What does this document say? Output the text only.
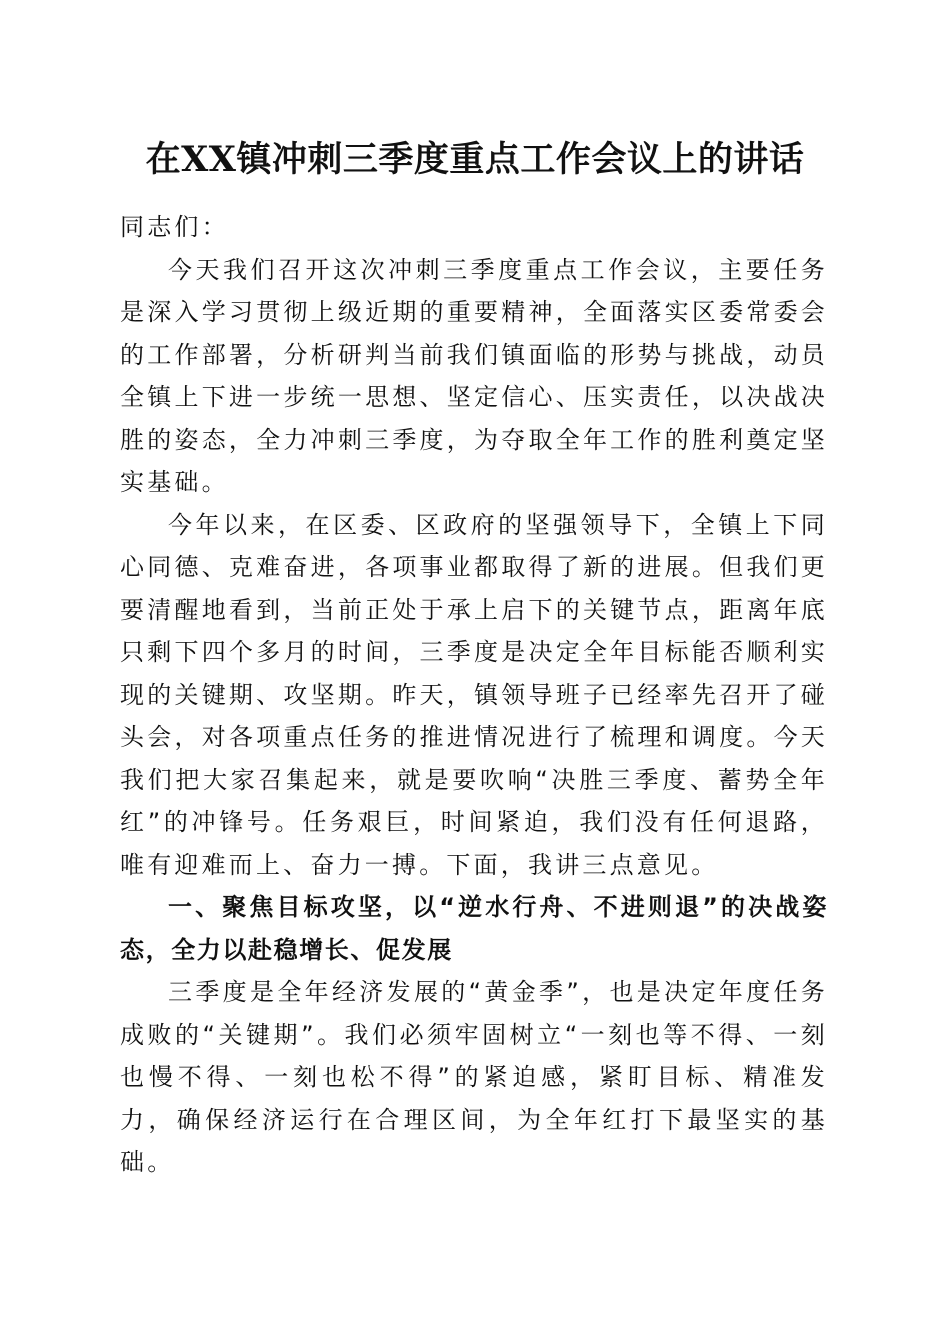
在XX镇冲刺三季度重点工作会议上的讲话

同志们：

今天我们召开这次冲刺三季度重点工作会议，主要任务是深入学习贯彻上级近期的重要精神，全面落实区委常委会的工作部署，分析研判当前我们镇面临的形势与挑战，动员全镇上下进一步统一思想、坚定信心、压实责任，以决战决胜的姿态，全力冲刺三季度，为夺取全年工作的胜利奠定坚实基础。

今年以来，在区委、区政府的坚强领导下，全镇上下同心同德、克难奋进，各项事业都取得了新的进展。但我们更要清醒地看到，当前正处于承上启下的关键节点，距离年底只剩下四个多月的时间，三季度是决定全年目标能否顺利实现的关键期、攻坚期。昨天，镇领导班子已经率先召开了碰头会，对各项重点任务的推进情况进行了梳理和调度。今天我们把大家召集起来，就是要吹响“决胜三季度、蓄势全年红”的冲锋号。任务艰巨，时间紧迫，我们没有任何退路，唯有迎难而上、奋力一搏。下面，我讲三点意见。

一、聚焦目标攻坚，以“逆水行舟、不进则退”的决战姿态，全力以赴稳增长、促发展

三季度是全年经济发展的“黄金季”，也是决定年度任务成败的“关键期”。我们必须牢固树立“一刻也等不得、一刻也慢不得、一刻也松不得”的紧迫感，紧盯目标、精准发力，确保经济运行在合理区间，为全年红打下最坚实的基础。
